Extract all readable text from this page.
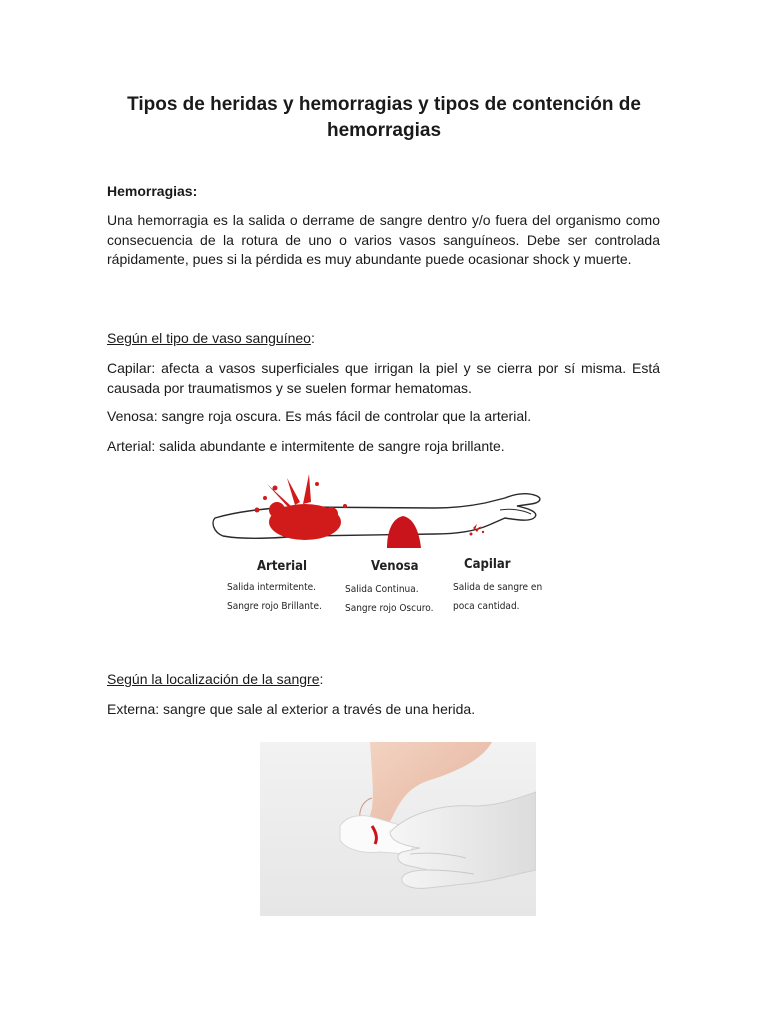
Tipos de heridas y hemorragias y tipos de contención de hemorragias

Hemorragias:

Una hemorragia es la salida o derrame de sangre dentro y/o fuera del organismo como consecuencia de la rotura de uno o varios vasos sanguíneos. Debe ser controlada rápidamente, pues si la pérdida es muy abundante puede ocasionar shock y muerte.

Según el tipo de vaso sanguíneo:

Capilar: afecta a vasos superficiales que irrigan la piel y se cierra por sí misma. Está causada por traumatismos y se suelen formar hematomas.

Venosa: sangre roja oscura. Es más fácil de controlar que la arterial.

Arterial: salida abundante e intermitente de sangre roja brillante.

Arterial
Salida intermitente.
Sangre rojo Brillante.
Venosa
Salida Continua.
Sangre rojo Oscuro.
Capilar
Salida de sangre en
poca cantidad.

Según la localización de la sangre:

Externa: sangre que sale al exterior a través de una herida.
